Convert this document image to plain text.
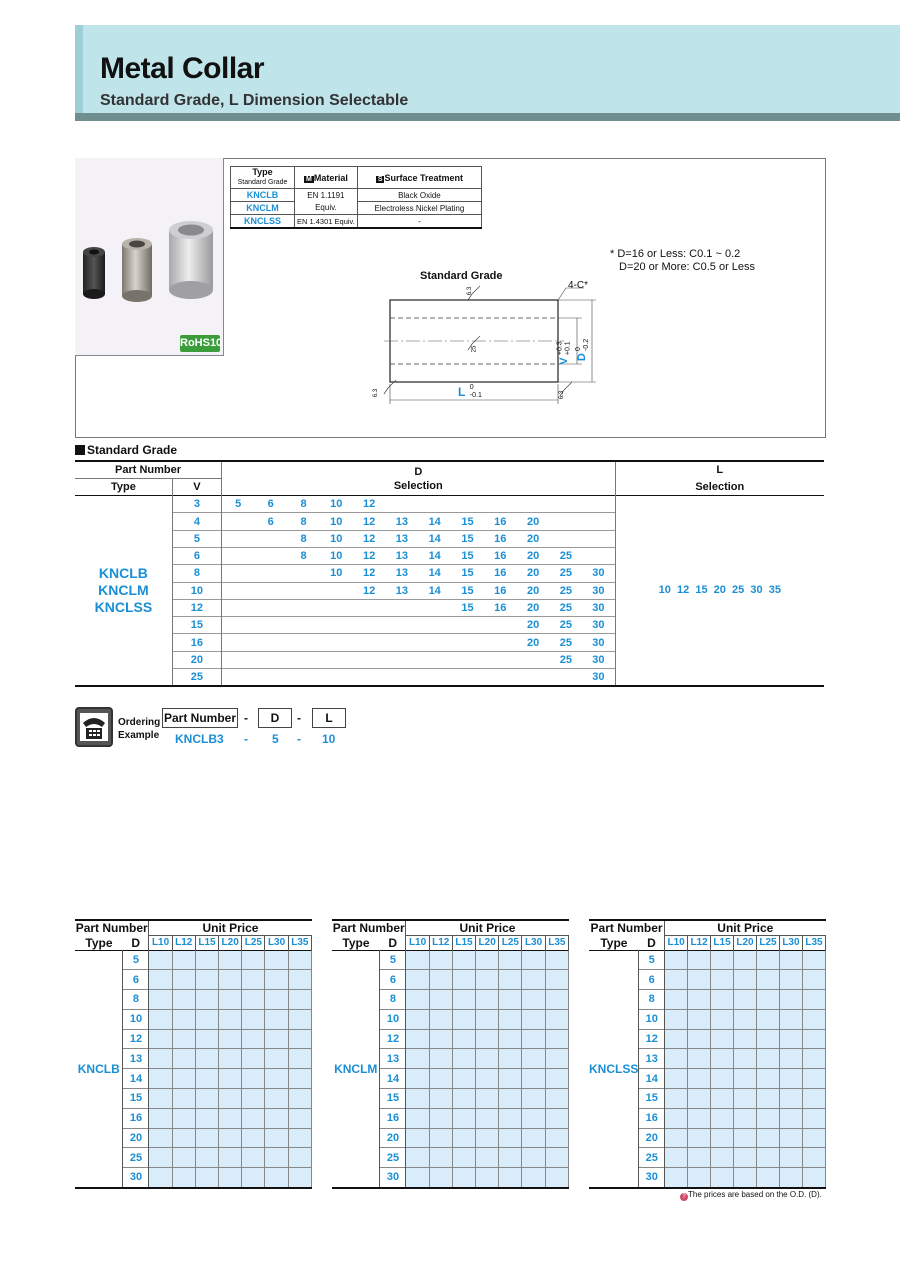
Metal Collar
Standard Grade, L Dimension Selectable
RoHS10
Type
Standard Grade	M Material	S Surface Treatment
KNCLB	EN 1.1191	Black Oxide
KNCLM	Equiv.	Electroless Nickel Plating
KNCLSS	EN 1.4301 Equiv.	-
* D=16 or Less: C0.1 ~ 0.2
D=20 or More: C0.5 or Less
Standard Grade
4-C*
6.3
25
6.3	6.3
V +0.3
+0.1
D 0
-0.2
L 0
-0.1
Standard Grade
Part Number		D
Selection												L
Type	V													Selection

KNCLB
KNCLM
KNCLSS	3	5	6	8	10	12								10  12  15  20  25  30  35
	4		6	8	10	12	13	14	15	16	20			
	5			8	10	12	13	14	15	16	20			
	6			8	10	12	13	14	15	16	20	25		
	8				10	12	13	14	15	16	20	25	30	
	10					12	13	14	15	16	20	25	30	
	12								15	16	20	25	30	
	15										20	25	30	
	16										20	25	30	
	20											25	30	
	25												30	
Ordering
Example
Part Number -	D	-	L
KNCLB3 - 5 - 10
Part Number		Unit Price						
Type	D	L10	L12	L15	L20	L25	L30	L35
KNCLB	5							
	6							
	8							
	10							
	12							
	13							
	14							
	15							
	16							
	20							
	25							
	30							
Part Number		Unit Price						
Type	D	L10	L12	L15	L20	L25	L30	L35
KNCLM	5							
	6							
	8							
	10							
	12							
	13							
	14							
	15							
	16							
	20							
	25							
	30							
Part Number		Unit Price						
Type	D	L10	L12	L15	L20	L25	L30	L35
KNCLSS	5							
	6							
	8							
	10							
	12							
	13							
	14							
	15							
	16							
	20							
	25							
	30							
? The prices are based on the O.D. (D).
